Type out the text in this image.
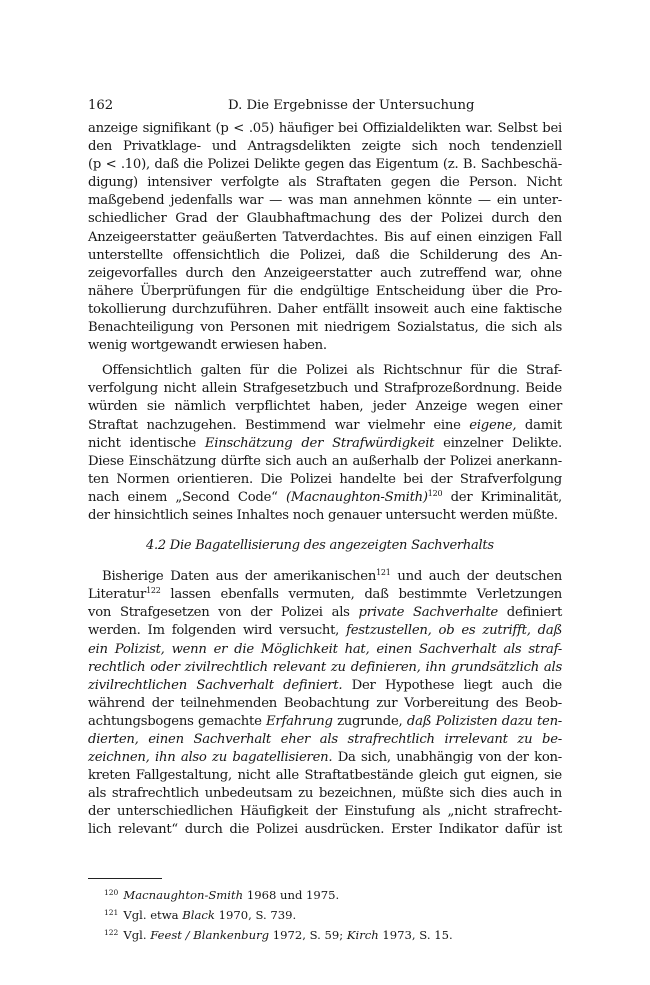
162	D. Die Ergebnisse der Untersuchung
anzeige signifikant (p < .05) häufiger bei Offizialdelikten war. Selbst bei
den Privatklage- und Antragsdelikten zeigte sich noch tendenziell
(p < .10), daß die Polizei Delikte gegen das Eigentum (z. B. Sachbeschä-
digung) intensiver verfolgte als Straftaten gegen die Person. Nicht
maßgebend jedenfalls war — was man annehmen könnte — ein unter-
schiedlicher Grad der Glaubhaftmachung des der Polizei durch den
Anzeigeerstatter geäußerten Tatverdachtes. Bis auf einen einzigen Fall
unterstellte offensichtlich die Polizei, daß die Schilderung des An-
zeigevorfalles durch den Anzeigeerstatter auch zutreffend war, ohne
nähere Überprüfungen für die endgültige Entscheidung über die Pro-
tokollierung durchzuführen. Daher entfällt insoweit auch eine faktische
Benachteiligung von Personen mit niedrigem Sozialstatus, die sich als
wenig wortgewandt erwiesen haben.
Offensichtlich galten für die Polizei als Richtschnur für die Straf-
verfolgung nicht allein Strafgesetzbuch und Strafprozeßordnung. Beide
würden sie nämlich verpflichtet haben, jeder Anzeige wegen einer
Straftat nachzugehen. Bestimmend war vielmehr eine eigene, damit
nicht identische Einschätzung der Strafwürdigkeit einzelner Delikte.
Diese Einschätzung dürfte sich auch an außerhalb der Polizei anerkann-
ten Normen orientieren. Die Polizei handelte bei der Strafverfolgung
nach einem „Second Code“ (Macnaughton-Smith)$^{120}$ der Kriminalität,
der hinsichtlich seines Inhaltes noch genauer untersucht werden müßte.
4.2 Die Bagatellisierung des angezeigten Sachverhalts
Bisherige Daten aus der amerikanischen$^{121}$ und auch der deutschen
Literatur$^{122}$ lassen ebenfalls vermuten, daß bestimmte Verletzungen
von Strafgesetzen von der Polizei als private Sachverhalte definiert
werden. Im folgenden wird versucht, festzustellen, ob es zutrifft, daß
ein Polizist, wenn er die Möglichkeit hat, einen Sachverhalt als straf-
rechtlich oder zivilrechtlich relevant zu definieren, ihn grundsätzlich als
zivilrechtlichen Sachverhalt definiert. Der Hypothese liegt auch die
während der teilnehmenden Beobachtung zur Vorbereitung des Beob-
achtungsbogens gemachte Erfahrung zugrunde, daß Polizisten dazu ten-
dierten, einen Sachverhalt eher als strafrechtlich irrelevant zu be-
zeichnen, ihn also zu bagatellisieren. Da sich, unabhängig von der kon-
kreten Fallgestaltung, nicht alle Straftatbestände gleich gut eignen, sie
als strafrechtlich unbedeutsam zu bezeichnen, müßte sich dies auch in
der unterschiedlichen Häufigkeit der Einstufung als „nicht strafrecht-
lich relevant“ durch die Polizei ausdrücken. Erster Indikator dafür ist
$^{120}$ Macnaughton-Smith 1968 und 1975.
$^{121}$ Vgl. etwa Black 1970, S. 739.
$^{122}$ Vgl. Feest / Blankenburg 1972, S. 59; Kirch 1973, S. 15.
